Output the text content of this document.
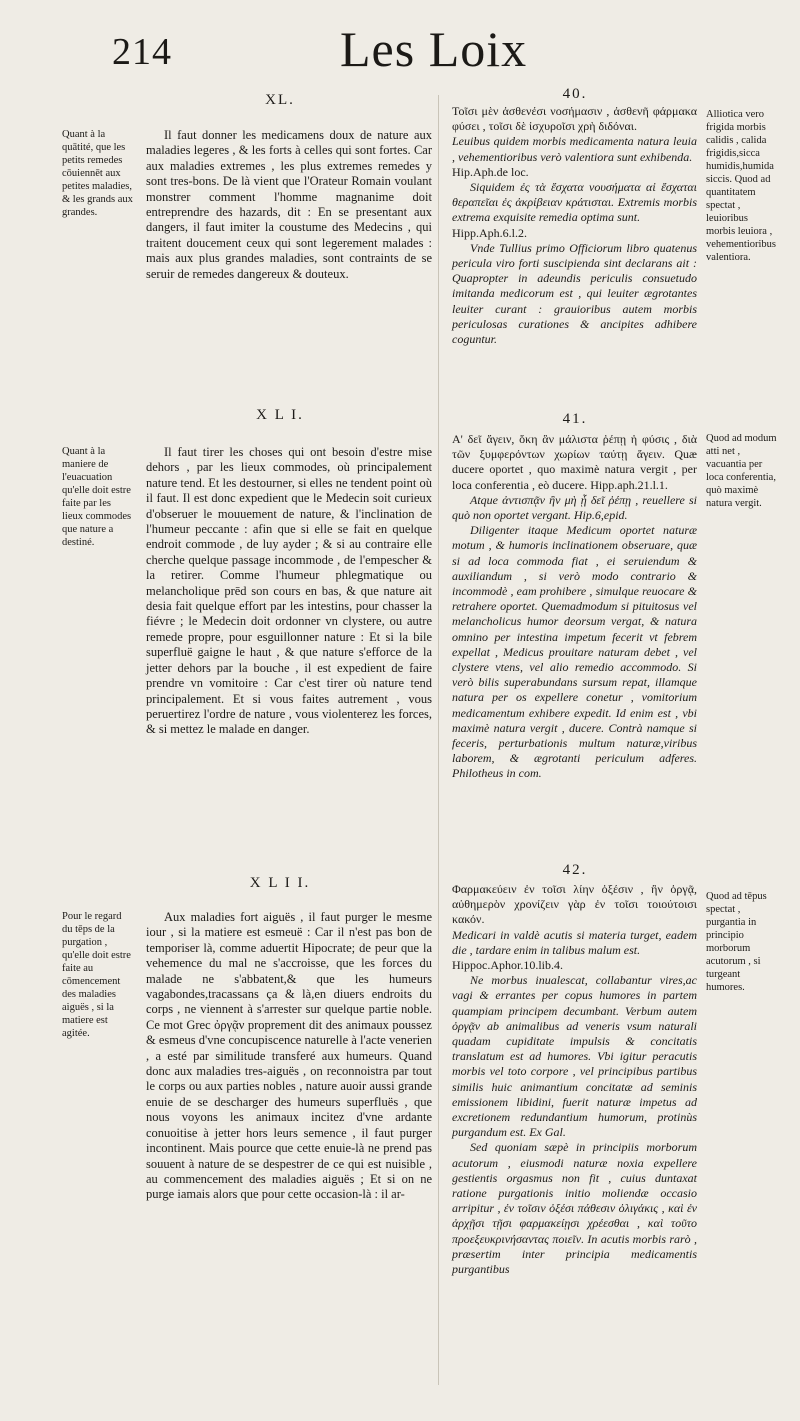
214	Les Loix
XL.
Quant à la quātité, que les petits remedes cōuiennēt aux petites maladies, & les grands aux grandes.
Il faut donner les medicamens doux de nature aux maladies legeres , & les forts à celles qui sont fortes. Car aux maladies extremes , les plus extremes remedes y sont tres-bons. De là vient que l'Orateur Romain voulant monstrer comment l'homme magnanime doit entreprendre des hazards, dit : En se presentant aux dangers, il faut imiter la coustume des Medecins , qui traitent doucement ceux qui sont legerement malades : mais aux plus grandes maladies, sont contraints de se seruir de remedes dangereux & douteux.
X L I.
Quant à la maniere de l'euacuation qu'elle doit estre faite par les lieux commodes que nature a destiné.
Il faut tirer les choses qui ont besoin d'estre mise dehors , par les lieux commodes, où principalement nature tend. Et les destourner, si elles ne tendent point où il faut. Il est donc expedient que le Medecin soit curieux d'obseruer le mouuement de nature, & l'inclination de l'humeur peccante : afin que si elle se fait en quelque endroit commode , de luy ayder ; & si au contraire elle cherche quelque passage incommode , de l'empescher & la retirer. Comme l'humeur phlegmatique ou melancholique prēd son cours en bas, & que nature ait desia fait quelque effort par les intestins, pour chasser la fiévre ; le Medecin doit ordonner vn clystere, ou autre remede propre, pour esguillonner nature : Et si la bile superfluë gaigne le haut , & que nature s'efforce de la jetter dehors par la bouche , il est expedient de faire prendre vn vomitoire : Car c'est tirer où nature tend principalement. Et si vous faites autrement , vous peruertirez l'ordre de nature , vous violenterez les forces, & si mettez le malade en danger.
X L I I.
Pour le regard du tēps de la purgation , qu'elle doit estre faite au cōmencement des maladies aiguës , si la matiere est agitée.
Aux maladies fort aiguës , il faut purger le mesme iour , si la matiere est esmeuë : Car il n'est pas bon de temporiser là, comme aduertit Hipocrate; de peur que la vehemence du mal ne s'accroisse, que les forces du malade ne s'abbatent,& que les humeurs vagabondes,tracassans ça & là,en diuers endroits du corps , ne viennent à s'arrester sur quelque partie noble. Ce mot Grec ὀργᾷν proprement dit des animaux poussez & esmeus d'vne concupiscence naturelle à l'acte venerien , a esté par similitude transferé aux humeurs. Quand donc aux maladies tres-aiguës , on reconnoistra par tout le corps ou aux parties nobles , nature auoir aussi grande enuie de se descharger des humeurs superfluës , que nous voyons les animaux incitez d'vne ardante conuoitise à jetter hors leurs semence , il faut purger incontinent. Mais pource que cette enuie-là ne prend pas souuent à nature de se despestrer de ce qui est nuisible , au commencement des maladies aiguës ; Et si on ne purge iamais alors que pour cette occasion-là : il ar-
40.

Τοῖσι μὲν ἀσθενέσι νοσήμασιν , ἀσθενῆ φάρμακα φύσει , τοῖσι δὲ ἰσχυροῖσι χρὴ διδόναι.

Leuibus quidem morbis medicamenta natura leuia , vehementioribus verò valentiora sunt exhibenda.

Hip.Aph.de loc.

Siquidem ἐς τὰ ἔσχατα νουσήματα αἱ ἔσχαται θεραπεῖαι ἐς ἀκρίβειαν κράτισται. Extremis morbis extrema exquisite remedia optima sunt.

Hipp.Aph.6.l.2.

Vnde Tullius primo Officiorum libro quatenus pericula viro forti suscipienda sint declarans ait : Quapropter in adeundis periculis consuetudo imitanda medicorum est , qui leuiter ægrotantes leuiter curant : grauioribus autem morbis periculosas curationes & ancipites adhibere coguntur.

Alliotica vero frigida morbis calidis , calida frigidis,sicca humidis,humida siccis. Quod ad quantitatem spectat , leuioribus morbis leuiora , vehementioribus valentiora.
41.

Α' δεῖ ἄγειν, ὅκη ἂν μάλιστα ῥέπῃ ἡ φύσις , διὰ τῶν ξυμφερόντων χωρίων ταύτῃ ἄγειν. Quæ ducere oportet , quo maximè natura vergit , per loca conferentia , eò ducere. Hipp.aph.21.l.1.

Atque ἀντισπᾷν ἢν μὴ ᾗ δεῖ ῥέπῃ , reuellere si quò non oportet vergant. Hip.6,epid.

Diligenter itaque Medicum oportet naturæ motum , & humoris inclinationem obseruare, quæ si ad loca commoda fiat , ei seruiendum & auxiliandum , si verò modo contrario & incommodè , eam prohibere , simulque reuocare & retrahere oportet. Quemadmodum si pituitosus vel melancholicus humor deorsum vergat, & natura omnino per intestina impetum fecerit vt febrem expellat , Medicus prouitare naturam debet , vel clystere vtens, vel alio remedio accommodo. Si verò bilis superabundans sursum repat, illamque natura per os expellere conetur , vomitorium medicamentum exhibere expedit. Id enim est , vbi maximè natura vergit , ducere. Contrà namque si feceris, perturbationis multum naturæ,viribus laborem, & ægrotanti periculum adferes. Philotheus in com.

Quod ad modum atti net , vacuantia per loca conferentia, quò maximè natura vergit.
42.

Φαρμακεύειν ἐν τοῖσι λίην ὀξέσιν , ἢν ὀργᾷ, αὐθημερὸν χρονίζειν γὰρ ἐν τοῖσι τοιούτοισι κακόν.

Medicari in valdè acutis si materia turget, eadem die , tardare enim in talibus malum est.

Hippoc.Aphor.10.lib.4.

Ne morbus inualescat, collabantur vires,ac vagi & errantes per copus humores in partem quampiam principem decumbant. Verbum autem ὀργᾷν ab animalibus ad veneris vsum naturali quadam cupiditate impulsis & concitatis translatum est ad humores. Vbi igitur peracutis morbis vel toto corpore , vel principibus partibus similis huic animantium concitatæ ad seminis emissionem libidini, fuerit naturæ impetus ad excretionem redundantium humorum, protinùs purgandum est. Ex Gal.

Sed quoniam sæpè in principiis morborum acutorum , eiusmodi naturæ noxia expellere gestientis orgasmus non fit , cuius duntaxat ratione purgationis initio moliendæ occasio arripitur , ἐν τοῖσιν ὀξέσι πάθεσιν ὀλιγάκις , καὶ ἐν ἀρχῇσι τῇσι φαρμακείῃσι χρέεσθαι , καὶ τοῦτο προεξευκρινήσαντας ποιεῖν. In acutis morbis rarò , præsertim inter principia medicamentis purgantibus

Quod ad tēpus spectat , purgantia in principio morborum acutorum , si turgeant humores.
